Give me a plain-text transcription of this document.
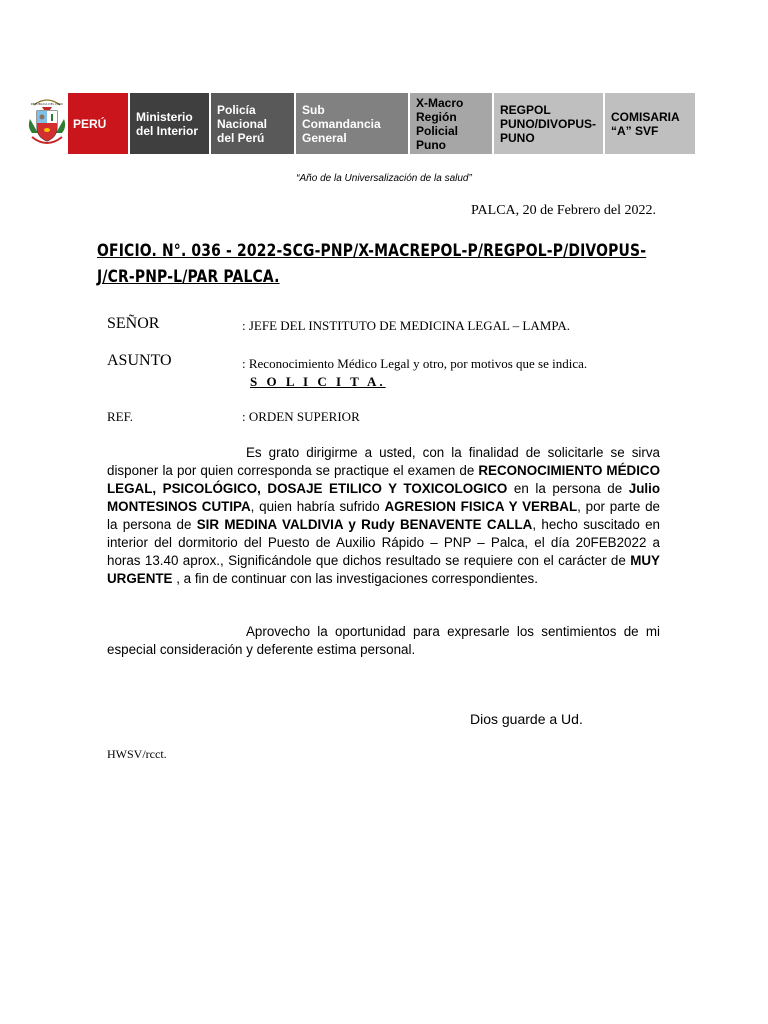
REPÚBLICA DEL PERÚ
PERÚ Ministerio
del Interior
Policía
Nacional
del Perú
Sub
Comandancia
General
X-Macro
Región
Policial
Puno
REGPOL
PUNO/DIVOPUS-
PUNO
COMISARIA
“A” SVF
“Año de la Universalización de la salud”
PALCA, 20 de Febrero del 2022.
OFICIO. N°. 036 - 2022-SCG-PNP/X-MACREPOL-P/REGPOL-P/DIVOPUS-
J/CR-PNP-L/PAR PALCA.
SEÑOR	: JEFE DEL INSTITUTO DE MEDICINA LEGAL – LAMPA.
ASUNTO	: Reconocimiento Médico Legal y otro, por motivos que se indica.
S O L I C I T A.
REF.	: ORDEN SUPERIOR
Es grato dirigirme a usted, con la finalidad de solicitarle se sirva disponer la por quien corresponda se practique el examen de RECONOCIMIENTO MÉDICO LEGAL, PSICOLÓGICO, DOSAJE ETILICO Y TOXICOLOGICO en la persona de Julio MONTESINOS CUTIPA, quien habría sufrido AGRESION FISICA Y VERBAL, por parte de la persona de SIR MEDINA VALDIVIA y Rudy BENAVENTE CALLA, hecho suscitado en interior del dormitorio del Puesto de Auxilio Rápido – PNP – Palca, el día 20FEB2022 a horas 13.40 aprox., Significándole que dichos resultado se requiere con el carácter de MUY URGENTE , a fin de continuar con las investigaciones correspondientes.
Aprovecho la oportunidad para expresarle los sentimientos de mi especial consideración y deferente estima personal.
Dios guarde a Ud.
HWSV/rcct.
